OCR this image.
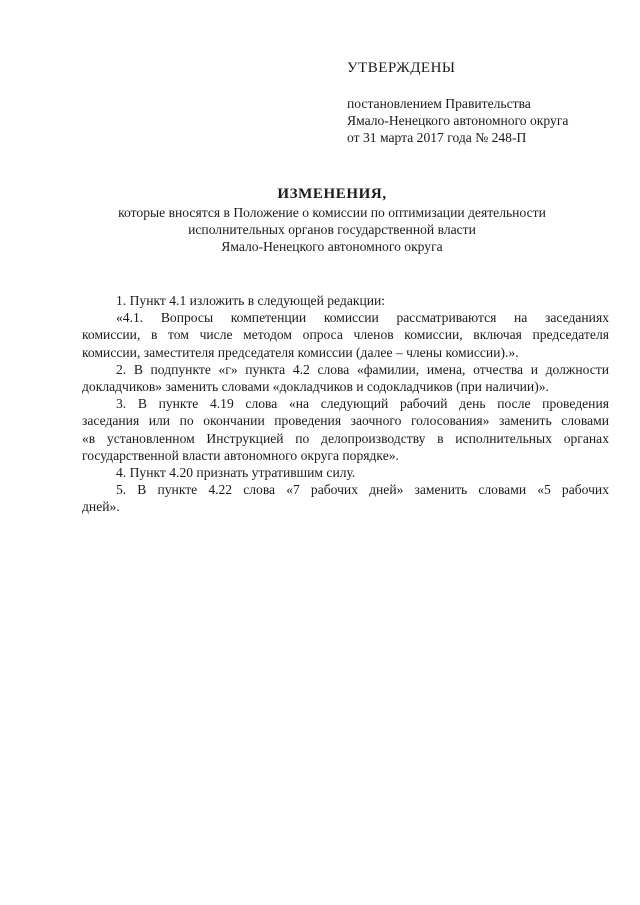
УТВЕРЖДЕНЫ
постановлением Правительства
Ямало-Ненецкого автономного округа
от 31 марта 2017 года № 248-П
ИЗМЕНЕНИЯ,
которые вносятся в Положение о комиссии по оптимизации деятельности
исполнительных органов государственной власти
Ямало-Ненецкого автономного округа
1. Пункт 4.1 изложить в следующей редакции:
«4.1. Вопросы компетенции комиссии рассматриваются на заседаниях
комиссии, в том числе методом опроса членов комиссии, включая председателя
комиссии, заместителя председателя комиссии (далее – члены комиссии).».
2. В подпункте «г» пункта 4.2 слова «фамилии, имена, отчества и должности
докладчиков» заменить словами «докладчиков и содокладчиков (при наличии)».
3. В пункте 4.19 слова «на следующий рабочий день после проведения
заседания или по окончании проведения заочного голосования» заменить словами
«в установленном Инструкцией по делопроизводству в исполнительных органах
государственной власти автономного округа порядке».
4. Пункт 4.20 признать утратившим силу.
5. В пункте 4.22 слова «7 рабочих дней» заменить словами «5 рабочих
дней».
